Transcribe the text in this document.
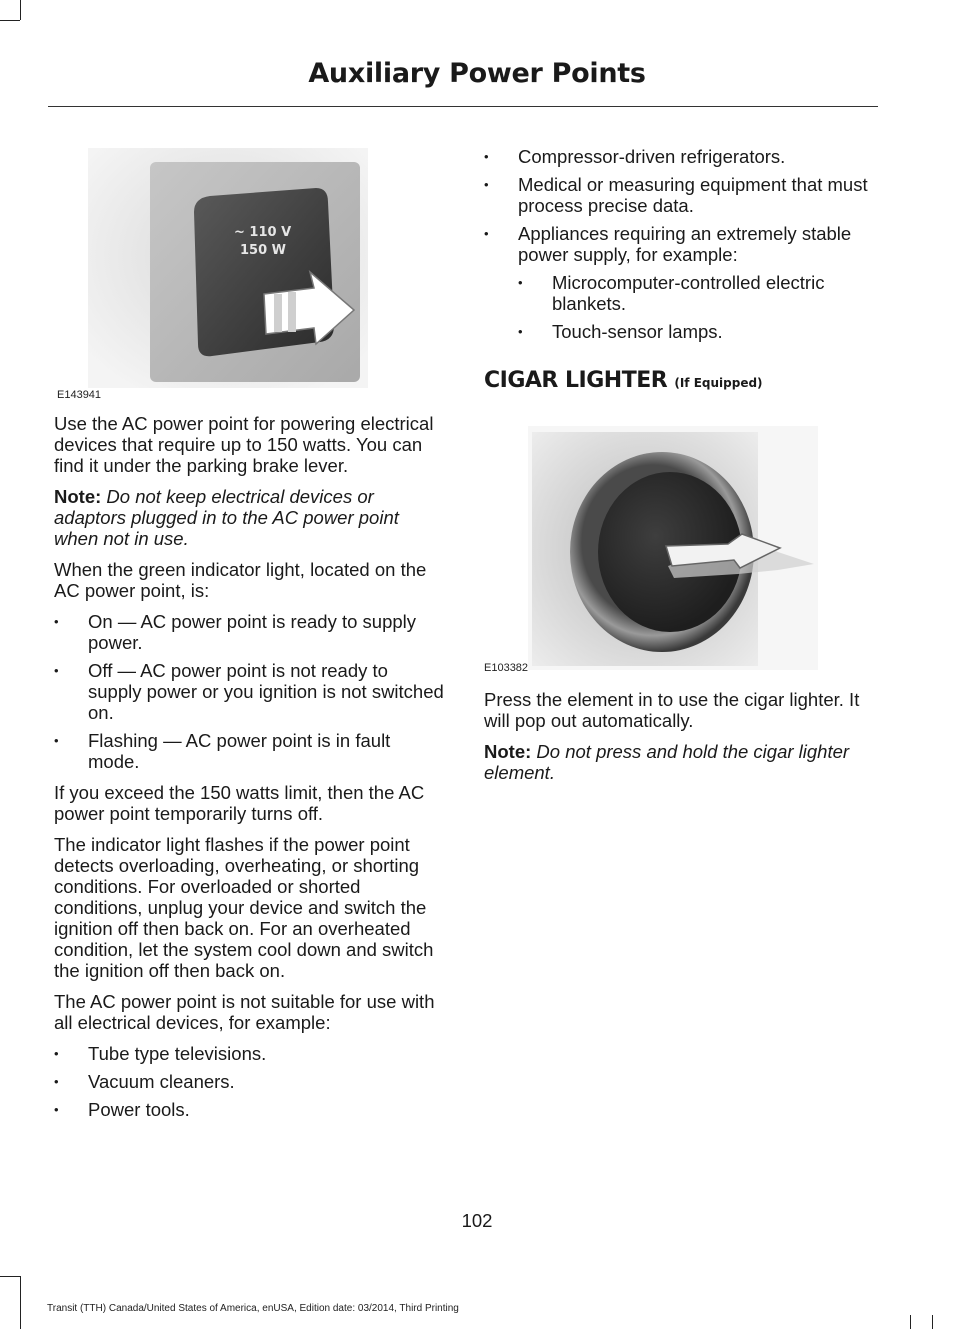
Auxiliary Power Points
~ 110 V
150 W
E143941

Use the AC power point for powering electrical devices that require up to 150 watts. You can find it under the parking brake lever.

Note: Do not keep electrical devices or adaptors plugged in to the AC power point when not in use.

When the green indicator light, located on the AC power point, is:

• On — AC power point is ready to supply power.
• Off — AC power point is not ready to supply power or you ignition is not switched on.
• Flashing — AC power point is in fault mode.

If you exceed the 150 watts limit, then the AC power point temporarily turns off.

The indicator light flashes if the power point detects overloading, overheating, or shorting conditions. For overloaded or shorted conditions, unplug your device and switch the ignition off then back on. For an overheated condition, let the system cool down and switch the ignition off then back on.

The AC power point is not suitable for use with all electrical devices, for example:

• Tube type televisions.
• Vacuum cleaners.
• Power tools.
• Compressor-driven refrigerators.
• Medical or measuring equipment that must process precise data.
• Appliances requiring an extremely stable power supply, for example:
• Microcomputer-controlled electric blankets.
• Touch-sensor lamps.
CIGAR LIGHTER (If Equipped)
E103382

Press the element in to use the cigar lighter. It will pop out automatically.

Note: Do not press and hold the cigar lighter element.

102
Transit (TTH) Canada/United States of America, enUSA, Edition date: 03/2014, Third Printing
